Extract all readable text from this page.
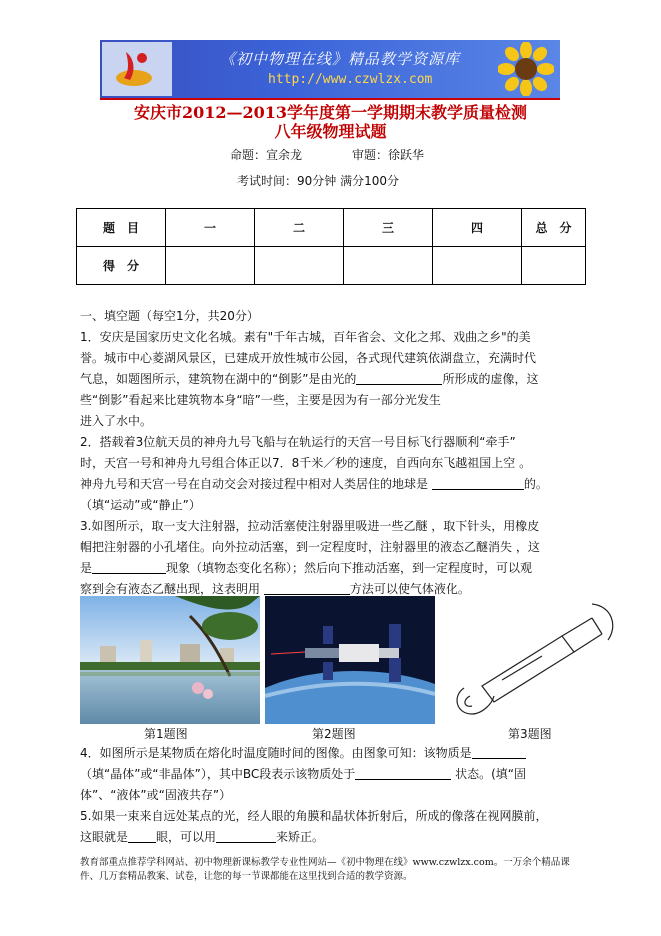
《初中物理在线》精品教学资源库
http://www.czwlzx.com
安庆市2012—2013学年度第一学期期末教学质量检测
八年级物理试题
命题：宣余龙	审题：徐跃华
考试时间：90分钟 满分100分
题　目	一	二	三	四	总　分
得　分					
一、填空题（每空1分，共20分）
1．安庆是国家历史文化名城。素有"千年古城，百年省会、文化之邦、戏曲之乡"的美
誉。城市中心菱湖风景区，已建成开放性城市公园，各式现代建筑依湖盘立，充满时代
气息，如题图所示，建筑物在湖中的“倒影”是由光的	所形成的虚像，这
些“倒影”看起来比建筑物本身“暗”一些，主要是因为有一部分光发生
进入了水中。
2．搭载着3位航天员的神舟九号飞船与在轨运行的天宫一号目标飞行器顺利“牵手”
时，天宫一号和神舟九号组合体正以7．8千米／秒的速度，自西向东飞越祖国上空 。
神舟九号和天宫一号在自动交会对接过程中相对人类居住的地球是	的。
（填“运动”或“静止”）
3.如图所示，取一支大注射器，拉动活塞使注射器里吸进一些乙醚 ，取下针头，用橡皮
帽把注射器的小孔堵住。向外拉动活塞，到一定程度时，注射器里的液态乙醚消失 ，这
是	现象（填物态变化名称）；然后向下推动活塞，到一定程度时，可以观
察到会有液态乙醚出现，这表明用	方法可以使气体液化。
第1题图	第2题图	第3题图
4．如图所示是某物质在熔化时温度随时间的图像。由图象可知：该物质是
（填“晶体”或“非晶体”），其中BC段表示该物质处于	状态。(填“固
体”、“液体”或“固液共存”）
5.如果一束来自远处某点的光，经人眼的角膜和晶状体折射后，所成的像落在视网膜前，
这眼就是 眼，可以用	来矫正。
教育部重点推荐学科网站、初中物理新课标教学专业性网站—《初中物理在线》www.czwlzx.com。一万余个精品课
件、几万套精品教案、试卷，让您的每一节课都能在这里找到合适的教学资源。
